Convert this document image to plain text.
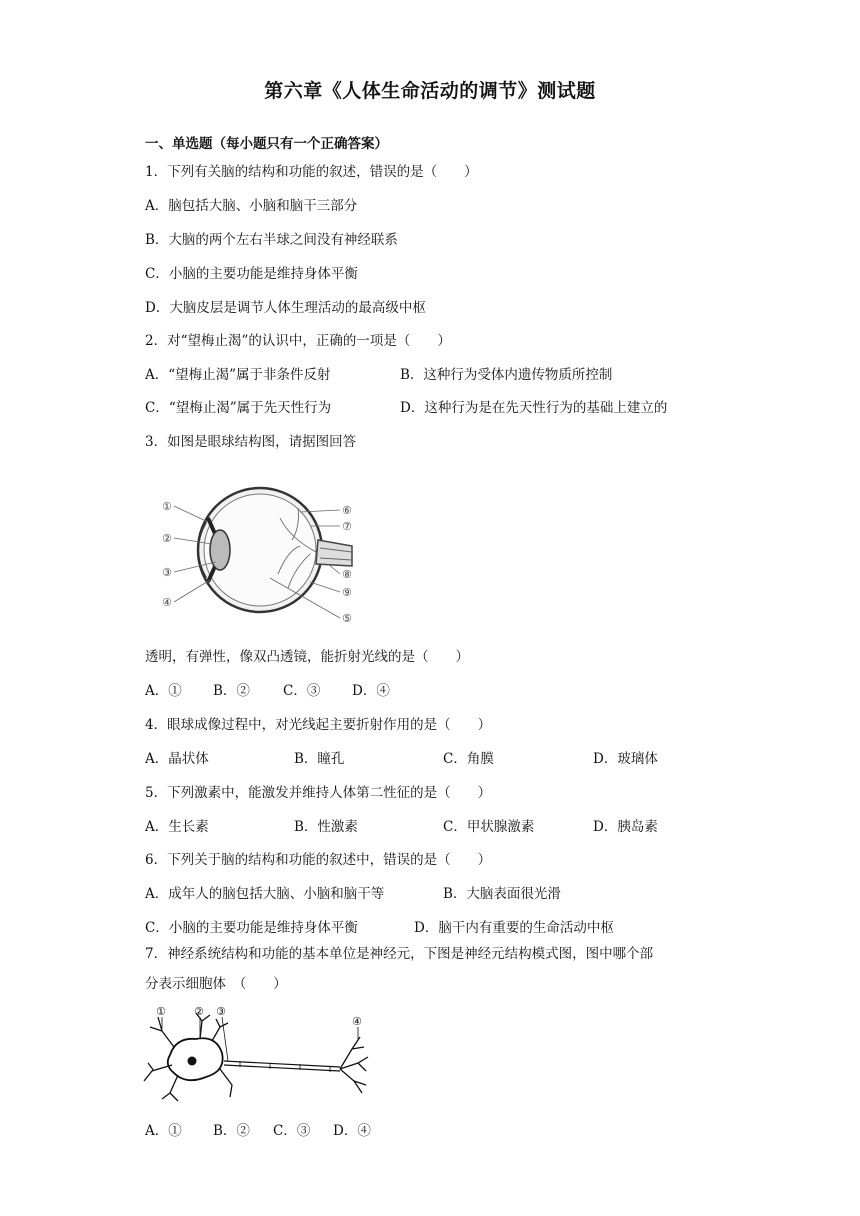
第六章《人体生命活动的调节》测试题
一、单选题（每小题只有一个正确答案）
1．下列有关脑的结构和功能的叙述，错误的是（　　）
A．脑包括大脑、小脑和脑干三部分
B．大脑的两个左右半球之间没有神经联系
C．小脑的主要功能是维持身体平衡
D．大脑皮层是调节人体生理活动的最高级中枢
2．对“望梅止渴”的认识中，正确的一项是（　　）
A．“望梅止渴”属于非条件反射	B．这种行为受体内遗传物质所控制
C．“望梅止渴”属于先天性行为	D．这种行为是在先天性行为的基础上建立的
3．如图是眼球结构图，请据图回答
①
②
③
④
⑥
⑦
⑧
⑨
⑤
透明，有弹性，像双凸透镜，能折射光线的是（　　）
A．① B．② C．③ D．④
4．眼球成像过程中，对光线起主要折射作用的是（　　）
A．晶状体	B．瞳孔	C．角膜	D．玻璃体
5．下列激素中，能激发并维持人体第二性征的是（　　）
A．生长素	B．性激素	C．甲状腺激素	D．胰岛素
6．下列关于脑的结构和功能的叙述中，错误的是（　　）
A．成年人的脑包括大脑、小脑和脑干等	B．大脑表面很光滑
C．小脑的主要功能是维持身体平衡	D．脑干内有重要的生命活动中枢
7．神经系统结构和功能的基本单位是神经元，下图是神经元结构模式图，图中哪个部
分表示细胞体　（　　）
①	② ③
④
A．① B．② C．③ D．④
